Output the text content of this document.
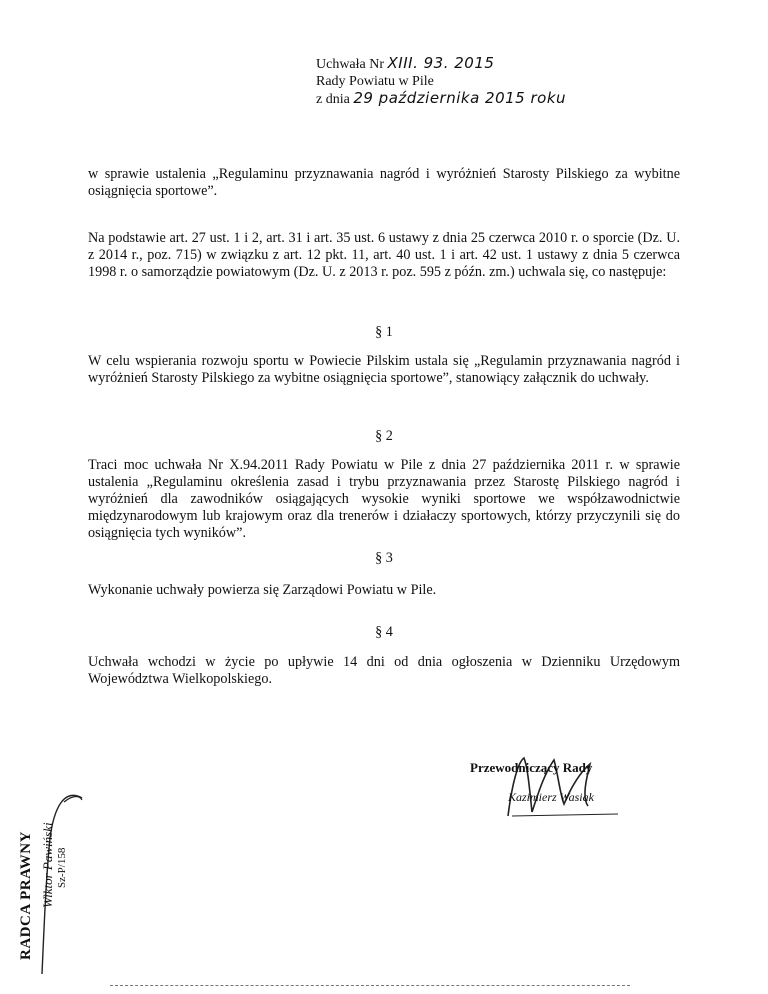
Uchwała Nr XIII. 93. 2015
Rady Powiatu w Pile
z dnia 29 października 2015 roku
w sprawie ustalenia „Regulaminu przyznawania nagród i wyróżnień Starosty Pilskiego za wybitne osiągnięcia sportowe”.
Na podstawie art. 27 ust. 1 i 2, art. 31 i art. 35 ust. 6 ustawy z dnia 25 czerwca 2010 r. o sporcie (Dz. U. z 2014 r., poz. 715) w związku z art. 12 pkt. 11, art. 40 ust. 1 i art. 42 ust. 1 ustawy z dnia 5 czerwca 1998 r. o samorządzie powiatowym (Dz. U. z 2013 r. poz. 595 z późn. zm.) uchwala się, co następuje:
§ 1
W celu wspierania rozwoju sportu w Powiecie Pilskim ustala się „Regulamin przyznawania nagród i wyróżnień Starosty Pilskiego za wybitne osiągnięcia sportowe”, stanowiący załącznik do uchwały.
§ 2
Traci moc uchwała Nr X.94.2011 Rady Powiatu w Pile z dnia 27 października 2011 r. w sprawie ustalenia „Regulaminu określenia zasad i trybu przyznawania przez Starostę Pilskiego nagród i wyróżnień dla zawodników osiągających wysokie wyniki sportowe we współzawodnictwie międzynarodowym lub krajowym oraz dla trenerów i działaczy sportowych, którzy przyczynili się do osiągnięcia tych wyników”.
§ 3
Wykonanie uchwały powierza się Zarządowi Powiatu w Pile.
§ 4
Uchwała wchodzi w życie po upływie 14 dni od dnia ogłoszenia w Dzienniku Urzędowym Województwa Wielkopolskiego.
Przewodniczący Rady
Kazimierz Wasiak
RADCA PRAWNY Wiktor Pawiński Sz-P/158
